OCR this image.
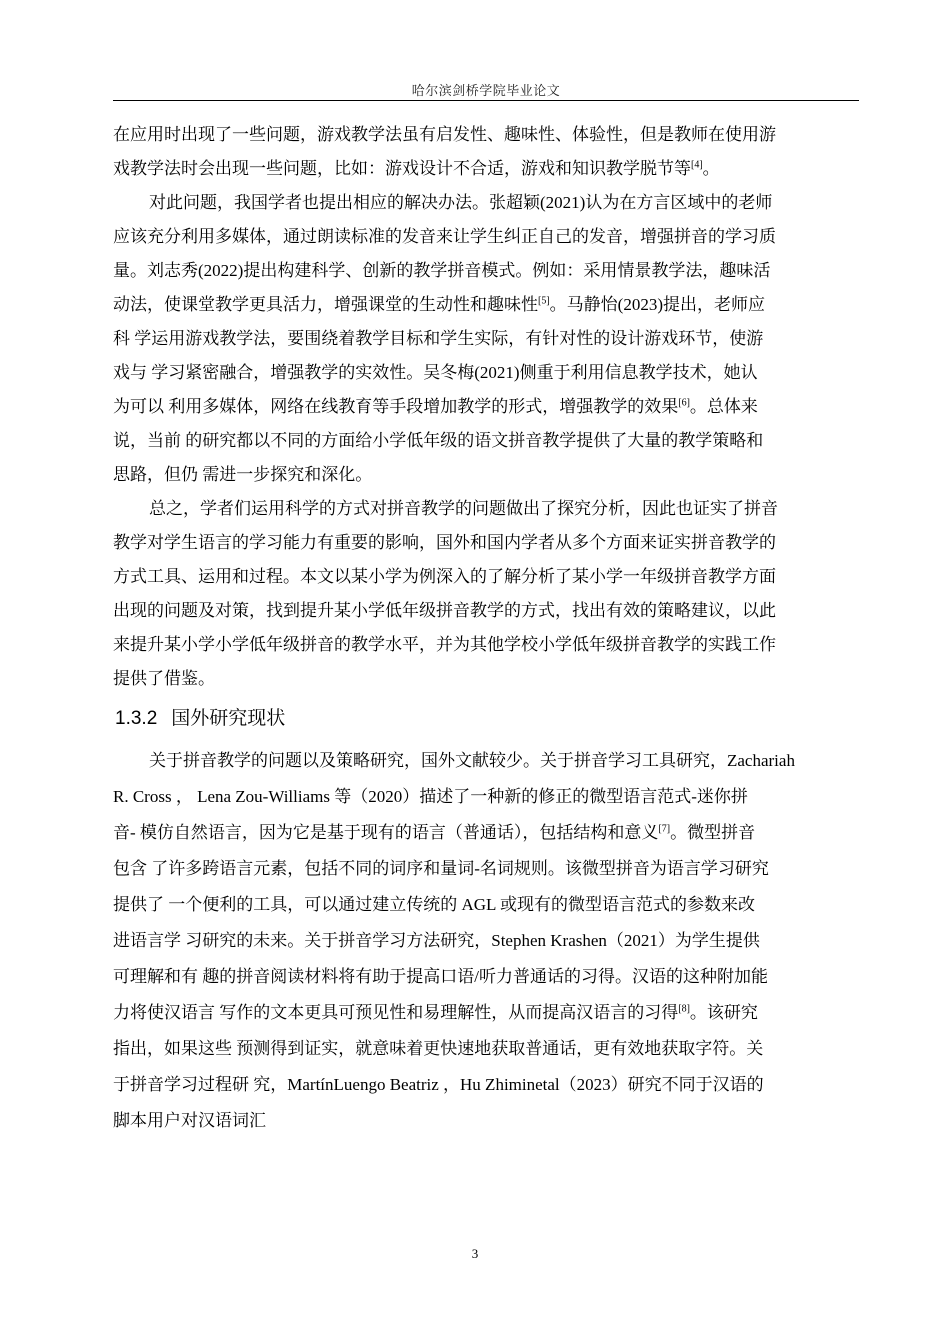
哈尔滨剑桥学院毕业论文

在应用时出现了一些问题，游戏教学法虽有启发性、趣味性、体验性，但是教师在使用游
戏教学法时会出现一些问题，比如：游戏设计不合适，游戏和知识教学脱节等[4]。

对此问题，我国学者也提出相应的解决办法。张超颖(2021)认为在方言区域中的老师
应该充分利用多媒体，通过朗读标准的发音来让学生纠正自己的发音，增强拼音的学习质
量。刘志秀(2022)提出构建科学、创新的教学拼音模式。例如：采用情景教学法，趣味活
动法，使课堂教学更具活力，增强课堂的生动性和趣味性[5]。马静怡(2023)提出，老师应
科 学运用游戏教学法，要围绕着教学目标和学生实际，有针对性的设计游戏环节，使游
戏与 学习紧密融合，增强教学的实效性。吴冬梅(2021)侧重于利用信息教学技术，她认
为可以 利用多媒体，网络在线教育等手段增加教学的形式，增强教学的效果[6]。总体来
说，当前 的研究都以不同的方面给小学低年级的语文拼音教学提供了大量的教学策略和
思路，但仍 需进一步探究和深化。

总之，学者们运用科学的方式对拼音教学的问题做出了探究分析，因此也证实了拼音
教学对学生语言的学习能力有重要的影响，国外和国内学者从多个方面来证实拼音教学的
方式工具、运用和过程。本文以某小学为例深入的了解分析了某小学一年级拼音教学方面
出现的问题及对策，找到提升某小学低年级拼音教学的方式，找出有效的策略建议，以此
来提升某小学小学低年级拼音的教学水平，并为其他学校小学低年级拼音教学的实践工作
提供了借鉴。

1.3.2 国外研究现状

关于拼音教学的问题以及策略研究，国外文献较少。关于拼音学习工具研究，Zachariah
R. Cross ， Lena Zou-Williams 等（2020）描述了一种新的修正的微型语言范式-迷你拼
音- 模仿自然语言，因为它是基于现有的语言（普通话），包括结构和意义[7]。微型拼音
包含 了许多跨语言元素，包括不同的词序和量词-名词规则。该微型拼音为语言学习研究
提供了 一个便利的工具，可以通过建立传统的 AGL 或现有的微型语言范式的参数来改
进语言学 习研究的未来。关于拼音学习方法研究，Stephen Krashen（2021）为学生提供
可理解和有 趣的拼音阅读材料将有助于提高口语/听力普通话的习得。汉语的这种附加能
力将使汉语言 写作的文本更具可预见性和易理解性，从而提高汉语言的习得[8]。该研究
指出，如果这些 预测得到证实，就意味着更快速地获取普通话，更有效地获取字符。关
于拼音学习过程研 究，MartínLuengo Beatriz ，Hu Zhiminetal（2023）研究不同于汉语的
脚本用户对汉语词汇

3
